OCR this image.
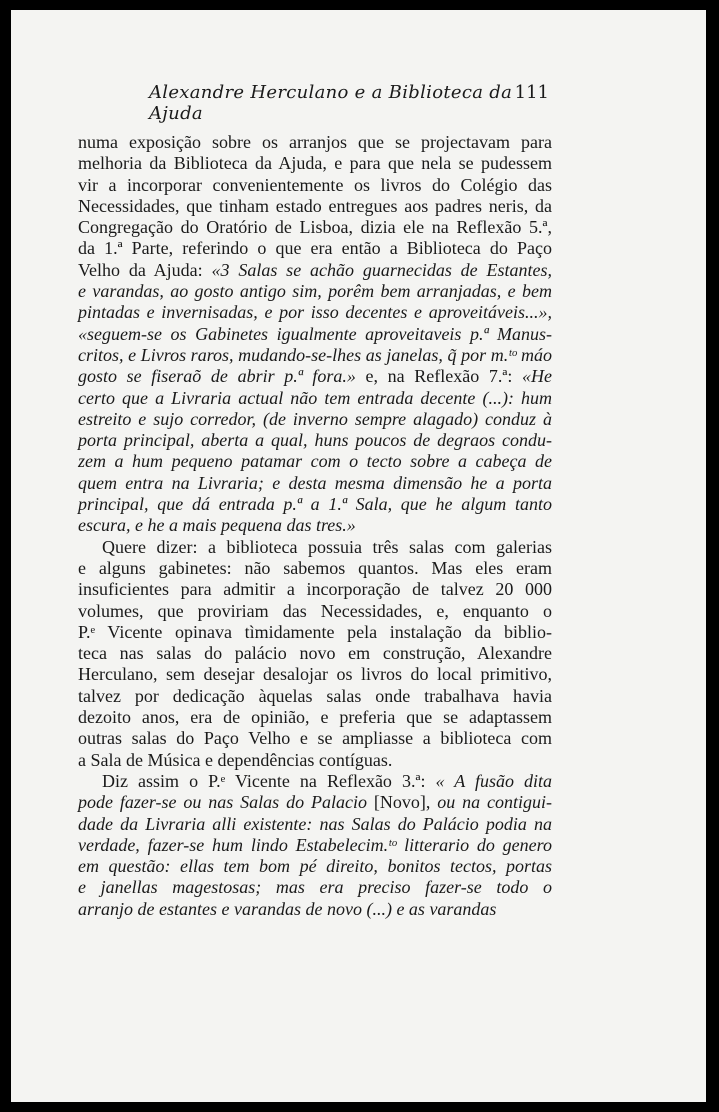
Alexandre Herculano e a Biblioteca da Ajuda
111
numa exposição sobre os arranjos que se projectavam para
melhoria da Biblioteca da Ajuda, e para que nela se pudessem
vir a incorporar convenientemente os livros do Colégio das
Necessidades, que tinham estado entregues aos padres neris, da
Congregação do Oratório de Lisboa, dizia ele na Reflexão 5.ª,
da 1.ª Parte, referindo o que era então a Biblioteca do Paço
Velho da Ajuda: «3 Salas se achão guarnecidas de Estantes,
e varandas, ao gosto antigo sim, porêm bem arranjadas, e bem
pintadas e invernisadas, e por isso decentes e aproveitáveis...»,
«seguem-se os Gabinetes igualmente aproveitaveis p.ª Manus-
critos, e Livros raros, mudando-se-lhes as janelas, q̃ por m.ᵗᵒ máo
gosto se fiseraõ de abrir p.ª fora.» e, na Reflexão 7.ª: «He
certo que a Livraria actual não tem entrada decente (...): hum
estreito e sujo corredor, (de inverno sempre alagado) conduz à
porta principal, aberta a qual, huns poucos de degraos condu-
zem a hum pequeno patamar com o tecto sobre a cabeça de
quem entra na Livraria; e desta mesma dimensão he a porta
principal, que dá entrada p.ª a 1.ª Sala, que he algum tanto
escura, e he a mais pequena das tres.»
Quere dizer: a biblioteca possuia três salas com galerias
e alguns gabinetes: não sabemos quantos. Mas eles eram
insuficientes para admitir a incorporação de talvez 20 000
volumes, que proviriam das Necessidades, e, enquanto o
P.ᵉ Vicente opinava tìmidamente pela instalação da biblio-
teca nas salas do palácio novo em construção, Alexandre
Herculano, sem desejar desalojar os livros do local primitivo,
talvez por dedicação àquelas salas onde trabalhava havia
dezoito anos, era de opinião, e preferia que se adaptassem
outras salas do Paço Velho e se ampliasse a biblioteca com
a Sala de Música e dependências contíguas.
Diz assim o P.ᵉ Vicente na Reflexão 3.ª: « A fusão dita
pode fazer-se ou nas Salas do Palacio [Novo], ou na contigui-
dade da Livraria alli existente: nas Salas do Palácio podia na
verdade, fazer-se hum lindo Estabelecim.ᵗᵒ litterario do genero
em questão: ellas tem bom pé direito, bonitos tectos, portas
e janellas magestosas; mas era preciso fazer-se todo o
arranjo de estantes e varandas de novo (...) e as varandas
